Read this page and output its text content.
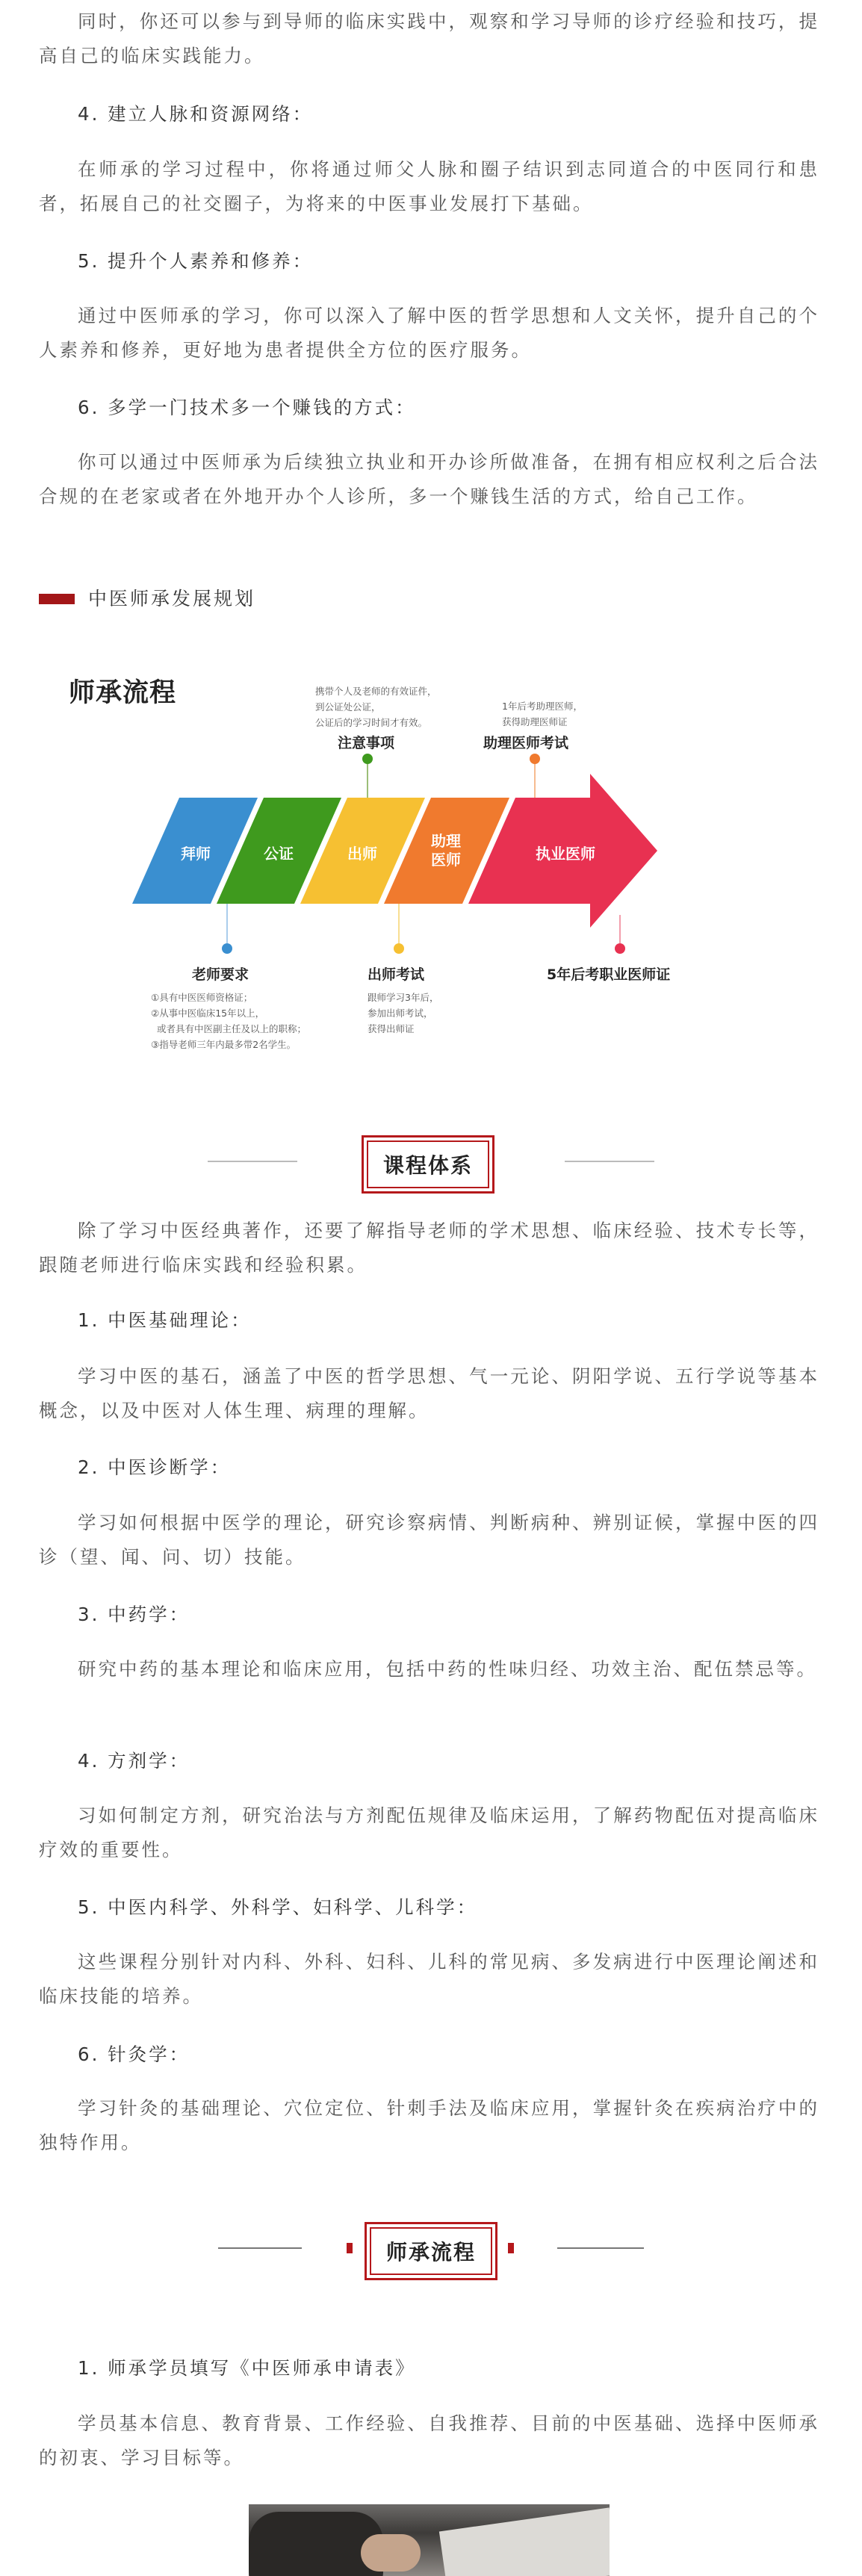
同时，你还可以参与到导师的临床实践中，观察和学习导师的诊疗经验和技巧，提高自己的临床实践能力。

4. 建立人脉和资源网络：

在师承的学习过程中，你将通过师父人脉和圈子结识到志同道合的中医同行和患者，拓展自己的社交圈子，为将来的中医事业发展打下基础。

5. 提升个人素养和修养：

通过中医师承的学习，你可以深入了解中医的哲学思想和人文关怀，提升自己的个人素养和修养，更好地为患者提供全方位的医疗服务。

6. 多学一门技术多一个赚钱的方式：

你可以通过中医师承为后续独立执业和开办诊所做准备，在拥有相应权利之后合法合规的在老家或者在外地开办个人诊所，多一个赚钱生活的方式，给自己工作。

中医师承发展规划

师承流程	携带个人及老师的有效证件，
到公证处公证，
公证后的学习时间才有效。

注意事项

1年后考助理医师，
获得助理医师证

助理医师考试

拜师	公证	出师

助理
医师	执业医师

老师要求

①具有中医医师资格证；
②从事中医临床15年以上，
或者具有中医副主任及以上的职称；
③指导老师三年内最多带2名学生。

出师考试

跟师学习3年后，
参加出师考试，
获得出师证

5年后考职业医师证

课程体系

除了学习中医经典著作，还要了解指导老师的学术思想、临床经验、技术专长等，跟随老师进行临床实践和经验积累。

1. 中医基础理论：

学习中医的基石，涵盖了中医的哲学思想、气一元论、阴阳学说、五行学说等基本概念，以及中医对人体生理、病理的理解。

2. 中医诊断学：

学习如何根据中医学的理论，研究诊察病情、判断病种、辨别证候，掌握中医的四诊（望、闻、问、切）技能。

3. 中药学：

研究中药的基本理论和临床应用，包括中药的性味归经、功效主治、配伍禁忌等。

4. 方剂学：

习如何制定方剂，研究治法与方剂配伍规律及临床运用，了解药物配伍对提高临床疗效的重要性。

5. 中医内科学、外科学、妇科学、儿科学：

这些课程分别针对内科、外科、妇科、儿科的常见病、多发病进行中医理论阐述和临床技能的培养。

6. 针灸学：

学习针灸的基础理论、穴位定位、针刺手法及临床应用，掌握针灸在疾病治疗中的独特作用。

师承流程

1. 师承学员填写《中医师承申请表》

学员基本信息、教育背景、工作经验、自我推荐、目前的中医基础、选择中医师承的初衷、学习目标等。
